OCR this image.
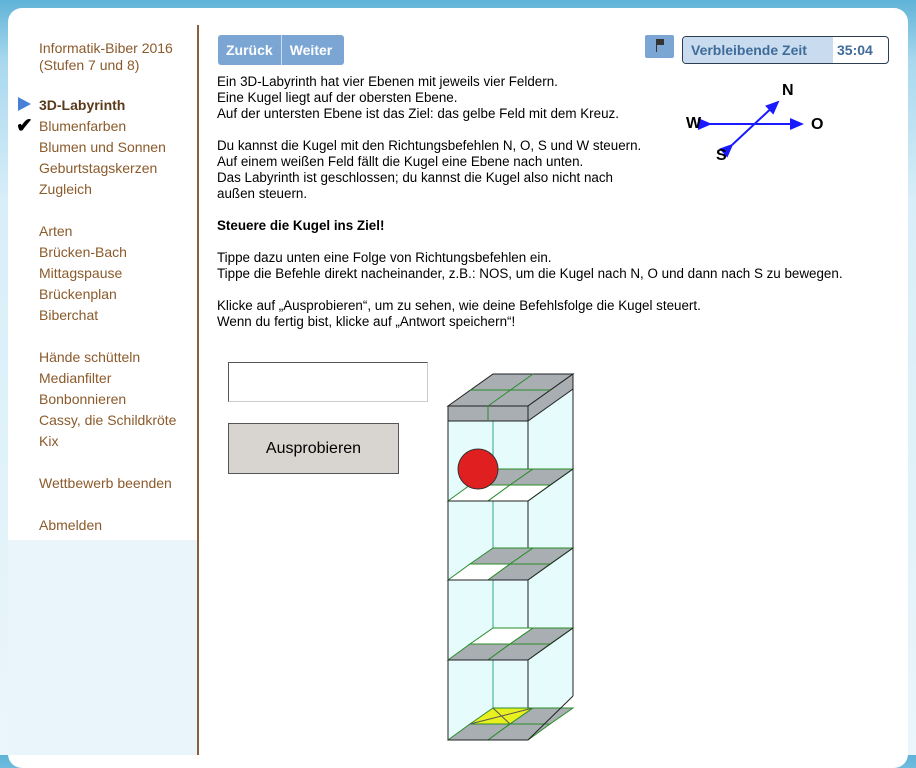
Informatik-Biber 2016
(Stufen 7 und 8)
✔
3D-Labyrinth
Blumenfarben
Blumen und Sonnen
Geburtstagskerzen
Zugleich
Arten
Brücken-Bach
Mittagspause
Brückenplan
Biberchat
Hände schütteln
Medianfilter
Bonbonnieren
Cassy, die Schildkröte
Kix
Wettbewerb beenden
Abmelden
Zurück	Weiter	Verbleibende Zeit 35:04

Ein 3D-Labyrinth hat vier Ebenen mit jeweils vier Feldern.
Eine Kugel liegt auf der obersten Ebene.
Auf der untersten Ebene ist das Ziel: das gelbe Feld mit dem Kreuz.

Du kannst die Kugel mit den Richtungsbefehlen N, O, S und W steuern.
Auf einem weißen Feld fällt die Kugel eine Ebene nach unten.
Das Labyrinth ist geschlossen; du kannst die Kugel also nicht nach
außen steuern.

Steuere die Kugel ins Ziel!

Tippe dazu unten eine Folge von Richtungsbefehlen ein.
Tippe die Befehle direkt nacheinander, z.B.: NOS, um die Kugel nach N, O und dann nach S zu bewegen.

Klicke auf „Ausprobieren“, um zu sehen, wie deine Befehlsfolge die Kugel steuert.
Wenn du fertig bist, klicke auf „Antwort speichern“!

N
O
S
W
Ausprobieren
